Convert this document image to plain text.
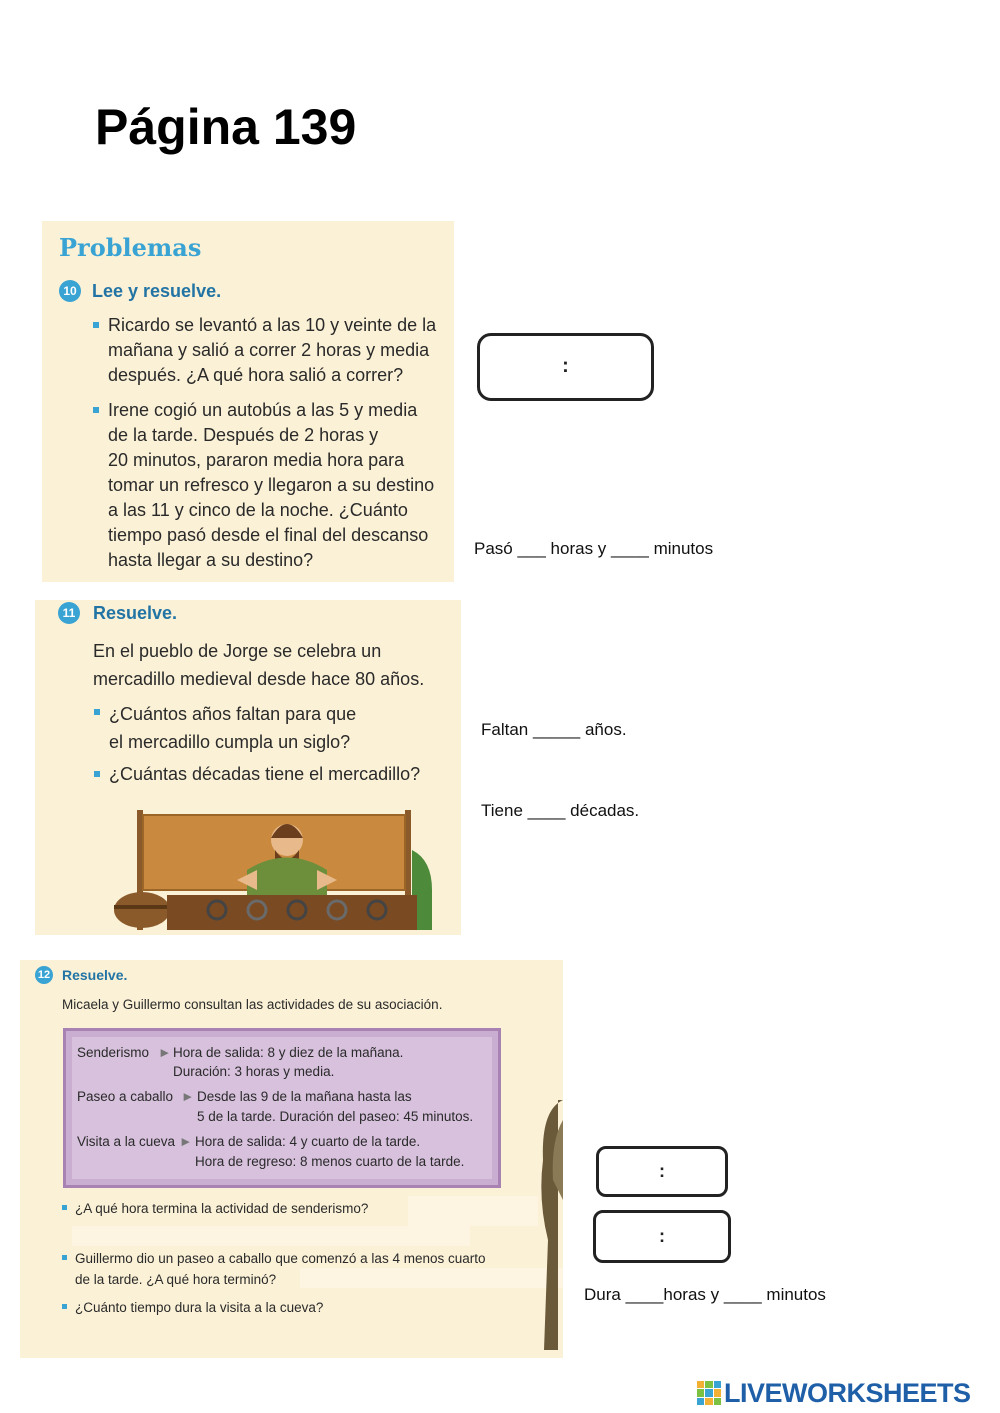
Página 139
Problemas
10 Lee y resuelve.
Ricardo se levantó a las 10 y veinte de la
mañana y salió a correr 2 horas y media
después. ¿A qué hora salió a correr?
Irene cogió un autobús a las 5 y media
de la tarde. Después de 2 horas y
20 minutos, pararon media hora para
tomar un refresco y llegaron a su destino
a las 11 y cinco de la noche. ¿Cuánto
tiempo pasó desde el final del descanso
hasta llegar a su destino?
:
Pasó ___ horas y ____ minutos
11 Resuelve.
En el pueblo de Jorge se celebra un
mercadillo medieval desde hace 80 años.
¿Cuántos años faltan para que
el mercadillo cumpla un siglo?
¿Cuántas décadas tiene el mercadillo?
Faltan _____ años.
Tiene ____ décadas.
12 Resuelve.
Micaela y Guillermo consultan las actividades de su asociación.
Senderismo ► Hora de salida: 8 y diez de la mañana.
Duración: 3 horas y media.
Paseo a caballo ► Desde las 9 de la mañana hasta las
5 de la tarde. Duración del paseo: 45 minutos.
Visita a la cueva ► Hora de salida: 4 y cuarto de la tarde.
Hora de regreso: 8 menos cuarto de la tarde.
¿A qué hora termina la actividad de senderismo?
Guillermo dio un paseo a caballo que comenzó a las 4 menos cuarto
de la tarde. ¿A qué hora terminó?
¿Cuánto tiempo dura la visita a la cueva?
:
:
Dura ____horas y ____ minutos
LIVEWORKSHEETS
